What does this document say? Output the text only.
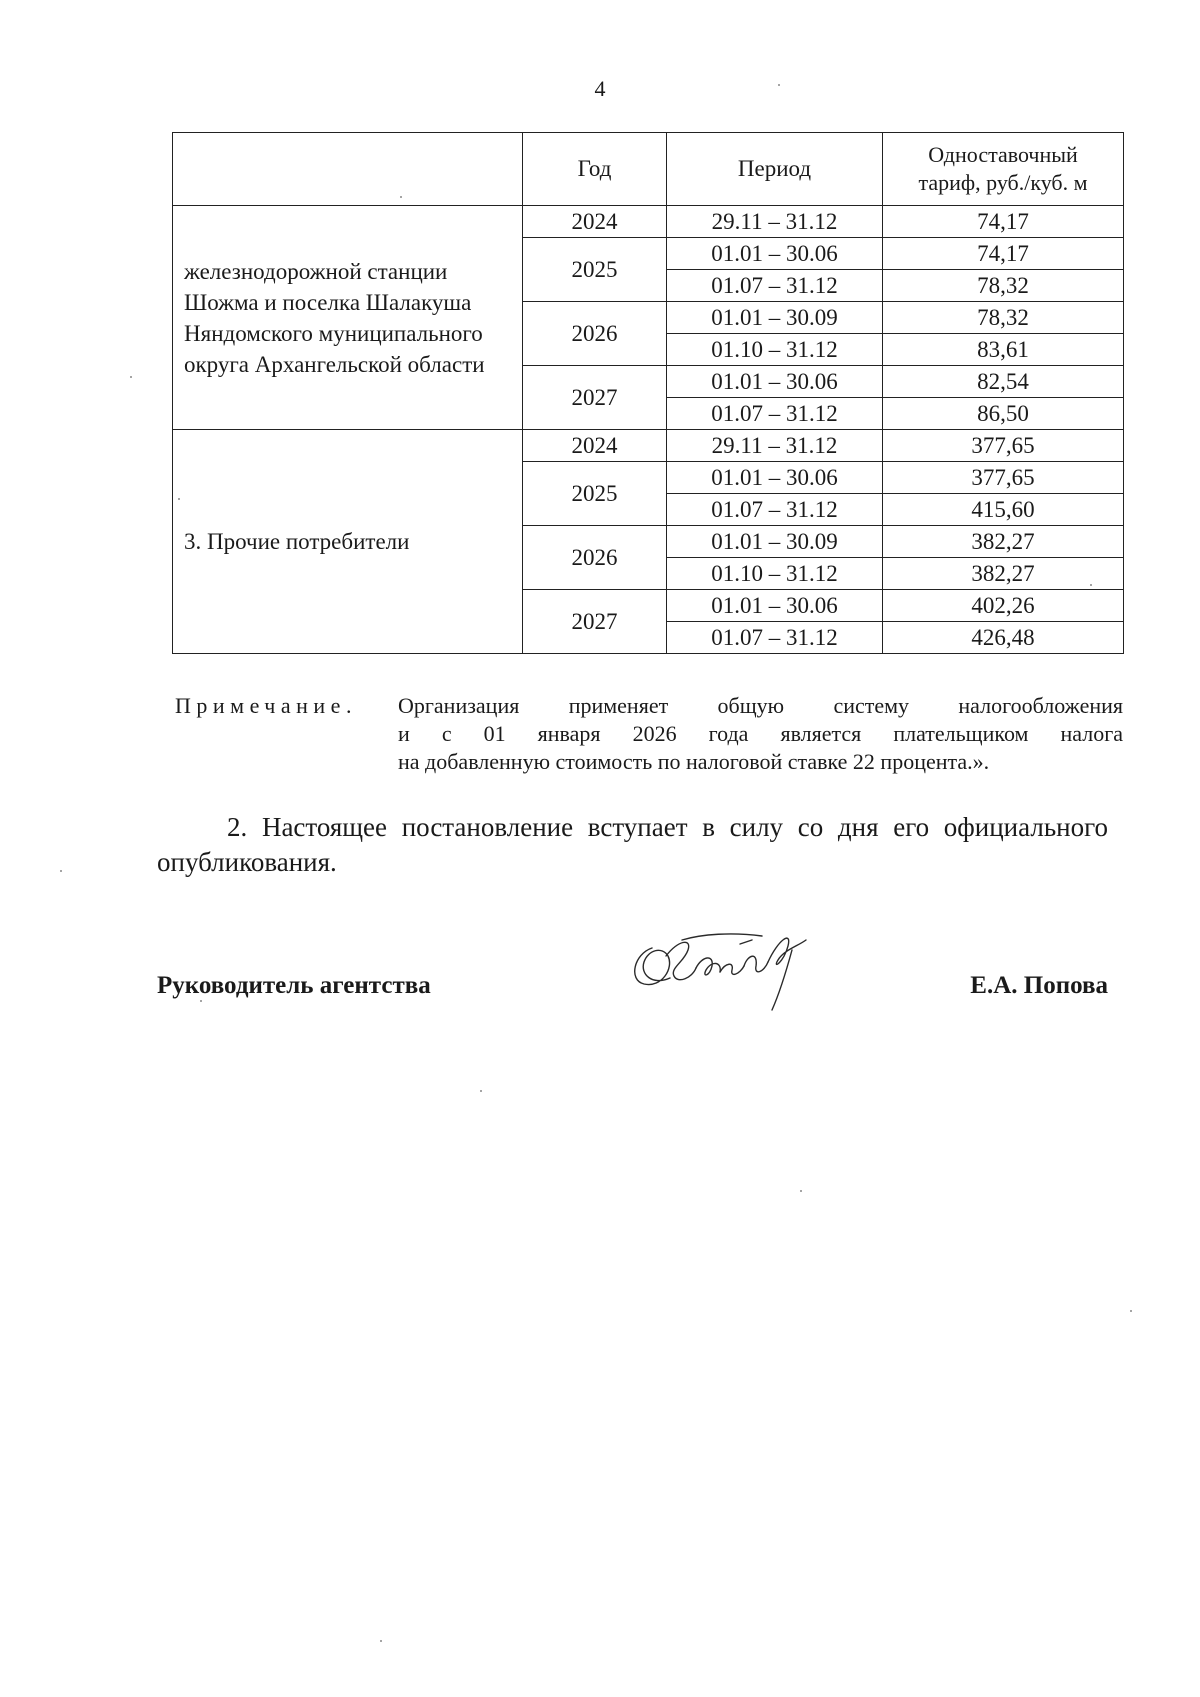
4
	Год	Период	Одноставочный
тариф, руб./куб. м
железнодорожной станции
Шожма и поселка Шалакуша
Няндомского муниципального
округа Архангельской области	2024	29.11 – 31.12	74,17
	2025	01.01 – 30.06	74,17
		01.07 – 31.12	78,32
	2026	01.01 – 30.09	78,32
		01.10 – 31.12	83,61
	2027	01.01 – 30.06	82,54
		01.07 – 31.12	86,50
3. Прочие потребители	2024	29.11 – 31.12	377,65
	2025	01.01 – 30.06	377,65
		01.07 – 31.12	415,60
	2026	01.01 – 30.09	382,27
		01.10 – 31.12	382,27
	2027	01.01 – 30.06	402,26
		01.07 – 31.12	426,48
Примечание. Организация применяет общую систему налогообложения
и с 01 января 2026 года является плательщиком налога
на добавленную стоимость по налоговой ставке 22 процента.».
2. Настоящее постановление вступает в силу со дня его официального опубликования.
Руководитель агентства	Е.А. Попова
